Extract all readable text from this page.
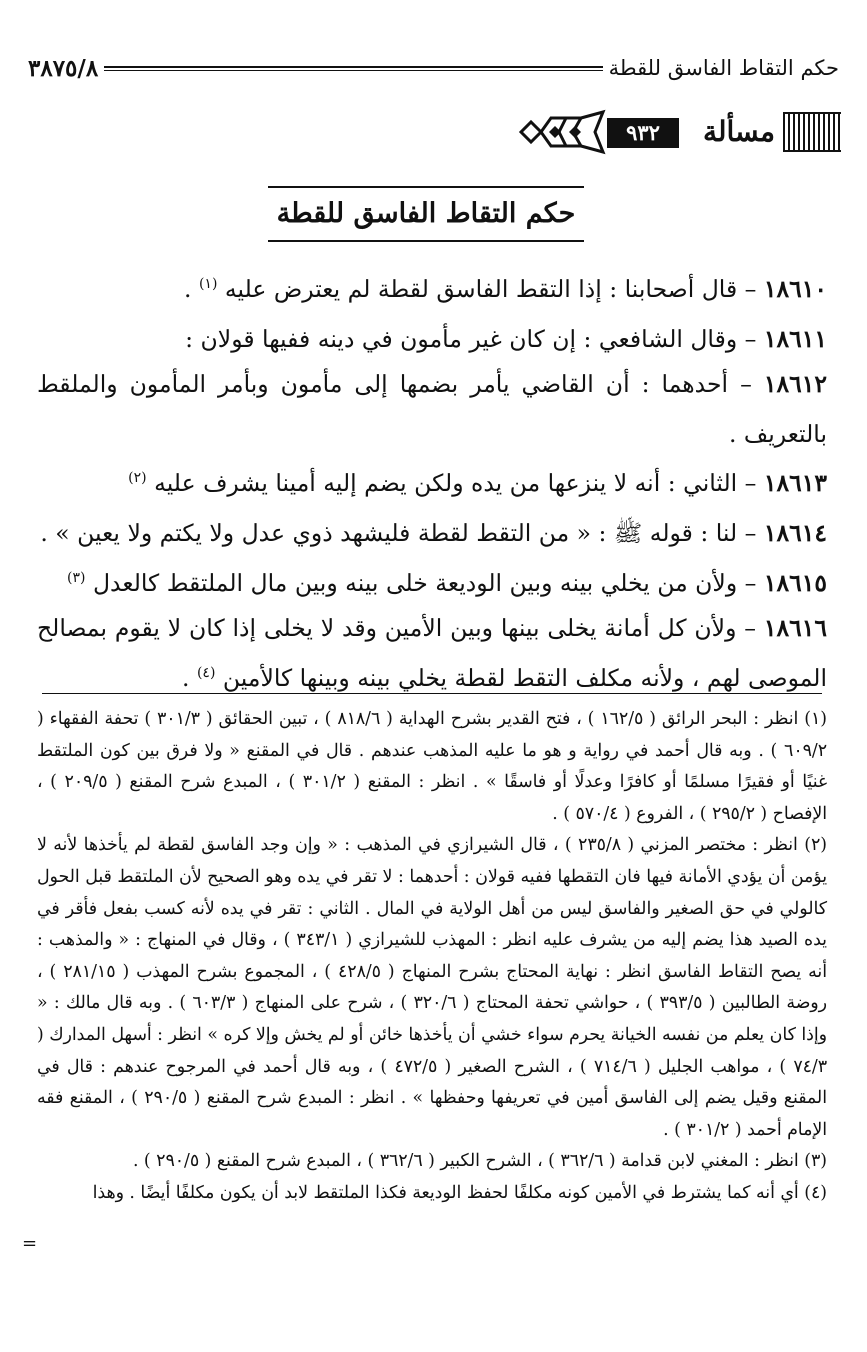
حكم التقاط الفاسق للقطة
٣٨٧٥/٨
مسألة
٩٣٢
حكم التقاط الفاسق للقطة

١٨٦١٠ – قال أصحابنا : إذا التقط الفاسق لقطة لم يعترض عليه $^{(١)}$ .

١٨٦١١ – وقال الشافعي : إن كان غير مأمون في دينه ففيها قولان :

١٨٦١٢ – أحدهما : أن القاضي يأمر بضمها إلى مأمون وبأمر المأمون والملقط بالتعريف .

١٨٦١٣ – الثاني : أنه لا ينزعها من يده ولكن يضم إليه أمينا يشرف عليه $^{(٢)}$

١٨٦١٤ – لنا : قوله ﷺ : « من التقط لقطة فليشهد ذوي عدل ولا يكتم ولا يعين » .

١٨٦١٥ – ولأن من يخلي بينه وبين الوديعة خلى بينه وبين مال الملتقط كالعدل $^{(٣)}$

١٨٦١٦ – ولأن كل أمانة يخلى بينها وبين الأمين وقد لا يخلى إذا كان لا يقوم بمصالح الموصى لهم ، ولأنه مكلف التقط لقطة يخلي بينه وبينها كالأمين $^{(٤)}$ .

(١) انظر : البحر الرائق ( ١٦٢/٥ ) ، فتح القدير بشرح الهداية ( ٨١٨/٦ ) ، تبين الحقائق ( ٣٠١/٣ ) تحفة الفقهاء ( ٦٠٩/٢ ) . وبه قال أحمد في رواية و هو ما عليه المذهب عندهم . قال في المقنع « ولا فرق بين كون الملتقط غنيًا أو فقيرًا مسلمًا أو كافرًا وعدلًا أو فاسقًا » . انظر : المقنع ( ٣٠١/٢ ) ، المبدع شرح المقنع ( ٢٠٩/٥ ) ، الإفصاح ( ٢٩٥/٢ ) ، الفروع ( ٥٧٠/٤ ) .

(٢) انظر : مختصر المزني ( ٢٣٥/٨ ) ، قال الشيرازي في المذهب : « وإن وجد الفاسق لقطة لم يأخذها لأنه لا يؤمن أن يؤدي الأمانة فيها فان التقطها ففيه قولان : أحدهما : لا تقر في يده وهو الصحيح لأن الملتقط قبل الحول كالولي في حق الصغير والفاسق ليس من أهل الولاية في المال . الثاني : تقر في يده لأنه كسب بفعل فأقر في يده الصيد هذا يضم إليه من يشرف عليه انظر : المهذب للشيرازي ( ٣٤٣/١ ) ، وقال في المنهاج : « والمذهب : أنه يصح التقاط الفاسق انظر : نهاية المحتاج بشرح المنهاج ( ٤٢٨/٥ ) ، المجموع بشرح المهذب ( ٢٨١/١٥ ) ، روضة الطالبين ( ٣٩٣/٥ ) ، حواشي تحفة المحتاج ( ٣٢٠/٦ ) ، شرح على المنهاج ( ٦٠٣/٣ ) . وبه قال مالك : « وإذا كان يعلم من نفسه الخيانة يحرم سواء خشي أن يأخذها خائن أو لم يخش وإلا كره » انظر : أسهل المدارك ( ٧٤/٣ ) ، مواهب الجليل ( ٧١٤/٦ ) ، الشرح الصغير ( ٤٧٢/٥ ) ، وبه قال أحمد في المرجوح عندهم : قال في المقنع وقيل يضم إلى الفاسق أمين في تعريفها وحفظها » . انظر : المبدع شرح المقنع ( ٢٩٠/٥ ) ، المقنع فقه الإمام أحمد ( ٣٠١/٢ ) .

(٣) انظر : المغني لابن قدامة ( ٣٦٢/٦ ) ، الشرح الكبير ( ٣٦٢/٦ ) ، المبدع شرح المقنع ( ٢٩٠/٥ ) .

(٤) أي أنه كما يشترط في الأمين كونه مكلفًا لحفظ الوديعة فكذا الملتقط لابد أن يكون مكلفًا أيضًا . وهذا

=
